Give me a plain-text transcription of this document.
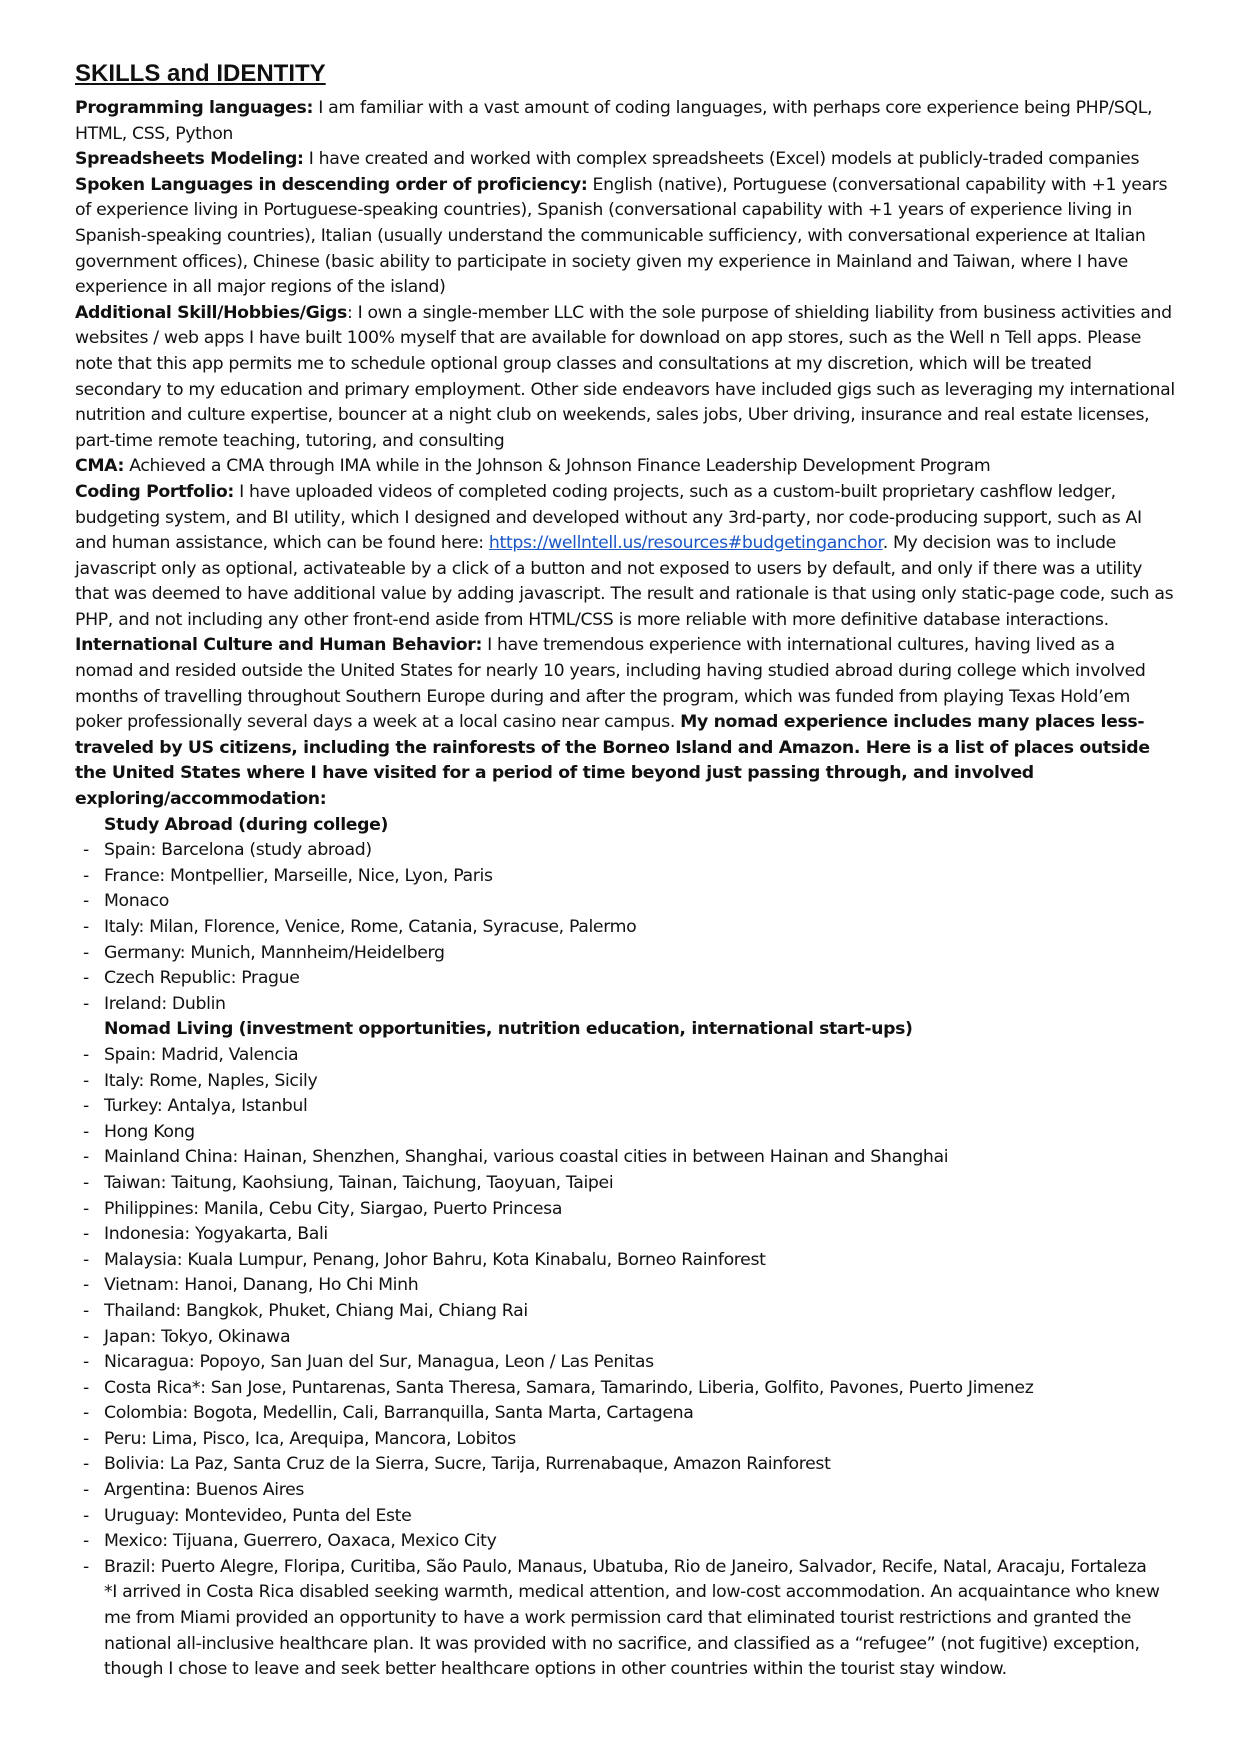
SKILLS and IDENTITY

Programming languages: I am familiar with a vast amount of coding languages, with perhaps core experience being PHP/SQL, HTML, CSS, Python

Spreadsheets Modeling: I have created and worked with complex spreadsheets (Excel) models at publicly-traded companies

Spoken Languages in descending order of proficiency: English (native), Portuguese (conversational capability with +1 years of experience living in Portuguese-speaking countries), Spanish (conversational capability with +1 years of experience living in Spanish-speaking countries), Italian (usually understand the communicable sufficiency, with conversational experience at Italian government offices), Chinese (basic ability to participate in society given my experience in Mainland and Taiwan, where I have experience in all major regions of the island)

Additional Skill/Hobbies/Gigs: I own a single-member LLC with the sole purpose of shielding liability from business activities and websites / web apps I have built 100% myself that are available for download on app stores, such as the Well n Tell apps. Please note that this app permits me to schedule optional group classes and consultations at my discretion, which will be treated secondary to my education and primary employment. Other side endeavors have included gigs such as leveraging my international nutrition and culture expertise, bouncer at a night club on weekends, sales jobs, Uber driving, insurance and real estate licenses, part-time remote teaching, tutoring, and consulting

CMA: Achieved a CMA through IMA while in the Johnson & Johnson Finance Leadership Development Program

Coding Portfolio: I have uploaded videos of completed coding projects, such as a custom-built proprietary cashflow ledger, budgeting system, and BI utility, which I designed and developed without any 3rd-party, nor code-producing support, such as AI and human assistance, which can be found here: https://wellntell.us/resources#budgetinganchor. My decision was to include javascript only as optional, activateable by a click of a button and not exposed to users by default, and only if there was a utility that was deemed to have additional value by adding javascript. The result and rationale is that using only static-page code, such as PHP, and not including any other front-end aside from HTML/CSS is more reliable with more definitive database interactions.

International Culture and Human Behavior: I have tremendous experience with international cultures, having lived as a nomad and resided outside the United States for nearly 10 years, including having studied abroad during college which involved months of travelling throughout Southern Europe during and after the program, which was funded from playing Texas Hold’em poker professionally several days a week at a local casino near campus. My nomad experience includes many places less-traveled by US citizens, including the rainforests of the Borneo Island and Amazon. Here is a list of places outside the United States where I have visited for a period of time beyond just passing through, and involved exploring/accommodation:

Study Abroad (during college)

- Spain: Barcelona (study abroad)
- France: Montpellier, Marseille, Nice, Lyon, Paris
- Monaco
- Italy: Milan, Florence, Venice, Rome, Catania, Syracuse, Palermo
- Germany: Munich, Mannheim/Heidelberg
- Czech Republic: Prague
- Ireland: Dublin

Nomad Living (investment opportunities, nutrition education, international start-ups)

- Spain: Madrid, Valencia
- Italy: Rome, Naples, Sicily
- Turkey: Antalya, Istanbul
- Hong Kong
- Mainland China: Hainan, Shenzhen, Shanghai, various coastal cities in between Hainan and Shanghai
- Taiwan: Taitung, Kaohsiung, Tainan, Taichung, Taoyuan, Taipei
- Philippines: Manila, Cebu City, Siargao, Puerto Princesa
- Indonesia: Yogyakarta, Bali
- Malaysia: Kuala Lumpur, Penang, Johor Bahru, Kota Kinabalu, Borneo Rainforest
- Vietnam: Hanoi, Danang, Ho Chi Minh
- Thailand: Bangkok, Phuket, Chiang Mai, Chiang Rai
- Japan: Tokyo, Okinawa
- Nicaragua: Popoyo, San Juan del Sur, Managua, Leon / Las Penitas
- Costa Rica*: San Jose, Puntarenas, Santa Theresa, Samara, Tamarindo, Liberia, Golfito, Pavones, Puerto Jimenez
- Colombia: Bogota, Medellin, Cali, Barranquilla, Santa Marta, Cartagena
- Peru: Lima, Pisco, Ica, Arequipa, Mancora, Lobitos
- Bolivia: La Paz, Santa Cruz de la Sierra, Sucre, Tarija, Rurrenabaque, Amazon Rainforest
- Argentina: Buenos Aires
- Uruguay: Montevideo, Punta del Este
- Mexico: Tijuana, Guerrero, Oaxaca, Mexico City
- Brazil: Puerto Alegre, Floripa, Curitiba, São Paulo, Manaus, Ubatuba, Rio de Janeiro, Salvador, Recife, Natal, Aracaju, Fortaleza

*I arrived in Costa Rica disabled seeking warmth, medical attention, and low-cost accommodation. An acquaintance who knew me from Miami provided an opportunity to have a work permission card that eliminated tourist restrictions and granted the national all-inclusive healthcare plan. It was provided with no sacrifice, and classified as a “refugee” (not fugitive) exception, though I chose to leave and seek better healthcare options in other countries within the tourist stay window.
